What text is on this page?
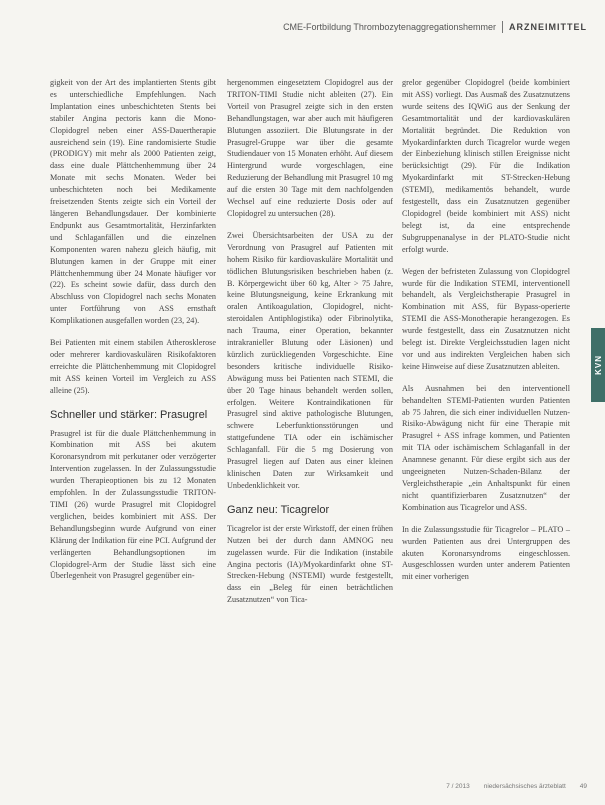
CME-Fortbildung Thrombozytenaggregationshemmer ARZNEIMITTEL
KVN

gigkeit von der Art des implantierten Stents gibt es unterschiedliche Empfehlungen. Nach Implantation eines unbeschichteten Stents bei stabiler Angina pectoris kann die Mono-Clopidogrel neben einer ASS-Dauertherapie ausreichend sein (19). Eine randomisierte Studie (PRODIGY) mit mehr als 2000 Patienten zeigt, dass eine duale Plättchenhemmung über 24 Monate mit sechs Monaten. Weder bei unbeschichteten noch bei Medikamente freisetzenden Stents zeigte sich ein Vorteil der längeren Behandlungsdauer. Der kombinierte Endpunkt aus Gesamtmortalität, Herzinfarkten und Schlaganfällen und die einzelnen Komponenten waren nahezu gleich häufig, mit Blutungen kamen in der Gruppe mit einer Plättchenhemmung über 24 Monate häufiger vor (22). Es scheint sowie dafür, dass durch den Abschluss von Clopidogrel nach sechs Monaten unter Fortführung von ASS ernsthaft Komplikationen ausgefallen worden (23, 24).

Bei Patienten mit einem stabilen Atherosklerose oder mehrerer kardiovaskulären Risikofaktoren erreichte die Plättchenhemmung mit Clopidogrel mit ASS keinen Vorteil im Vergleich zu ASS alleine (25).

Schneller und stärker: Prasugrel

Prasugrel ist für die duale Plättchenhemmung in Kombination mit ASS bei akutem Koronarsyndrom mit perkutaner oder verzögerter Intervention zugelassen. In der Zulassungsstudie wurden Therapieoptionen bis zu 12 Monaten empfohlen. In der Zulassungsstudie TRITON-TIMI (26) wurde Prasugrel mit Clopidogrel verglichen, beides kombiniert mit ASS. Der Behandlungsbeginn wurde Aufgrund von einer Klärung der Indikation für eine PCI. Aufgrund der verlängerten Behandlungsoptionen im Clopidogrel-Arm der Studie lässt sich eine Überlegenheit von Prasugrel gegenüber ein-

hergenommen eingesetztem Clopidogrel aus der TRITON-TIMI Studie nicht ableiten (27). Ein Vorteil von Prasugrel zeigte sich in den ersten Behandlungstagen, war aber auch mit häufigeren Blutungen assoziiert. Die Blutungsrate in der Prasugrel-Gruppe war über die gesamte Studiendauer von 15 Monaten erhöht. Auf diesem Hintergrund wurde vorgeschlagen, eine Reduzierung der Behandlung mit Prasugrel 10 mg auf die ersten 30 Tage mit dem nachfolgenden Wechsel auf eine reduzierte Dosis oder auf Clopidogrel zu untersuchen (28).

Zwei Übersichtsarbeiten der USA zu der Verordnung von Prasugrel auf Patienten mit hohem Risiko für kardiovaskuläre Mortalität und tödlichen Blutungsrisiken beschrieben haben (z. B. Körpergewicht über 60 kg, Alter > 75 Jahre, keine Blutungsneigung, keine Erkrankung mit oralen Antikoagulation, Clopidogrel, nicht-steroidalen Antiphlogistika) oder Fibrinolytika, nach Trauma, einer Operation, bekannter intrakranieller Blutung oder Läsionen) und kürzlich zurückliegenden Vorgeschichte. Eine besonders kritische individuelle Risiko-Abwägung muss bei Patienten nach STEMI, die über 20 Tage hinaus behandelt werden sollen, erfolgen. Weitere Kontraindikationen für Prasugrel sind aktive pathologische Blutungen, schwere Leberfunktionsstörungen und stattgefundene TIA oder ein ischämischer Schlaganfall. Für die 5 mg Dosierung von Prasugrel liegen auf Daten aus einer kleinen klinischen Daten zur Wirksamkeit und Unbedenklichkeit vor.

Ganz neu: Ticagrelor

Ticagrelor ist der erste Wirkstoff, der einen frühen Nutzen bei der durch dann AMNOG neu zugelassen wurde. Für die Indikation (instabile Angina pectoris (IA)/Myokardinfarkt ohne ST-Strecken-Hebung (NSTEMI) wurde festgestellt, dass ein „Beleg für einen beträchtlichen Zusatznutzen“ von Tica-

grelor gegenüber Clopidogrel (beide kombiniert mit ASS) vorliegt. Das Ausmaß des Zusatznutzens wurde seitens des IQWiG aus der Senkung der Gesamtmortalität und der kardiovaskulären Mortalität begründet. Die Reduktion von Myokardinfarkten durch Ticagrelor wurde wegen der Einbeziehung klinisch stillen Ereignisse nicht berücksichtigt (29). Für die Indikation Myokardinfarkt mit ST-Strecken-Hebung (STEMI), medikamentös behandelt, wurde festgestellt, dass ein Zusatznutzen gegenüber Clopidogrel (beide kombiniert mit ASS) nicht belegt ist, da eine entsprechende Subgruppenanalyse in der PLATO-Studie nicht erfolgt wurde.

Wegen der befristeten Zulassung von Clopidogrel wurde für die Indikation STEMI, interventionell behandelt, als Vergleichstherapie Prasugrel in Kombination mit ASS, für Bypass-operierte STEMI die ASS-Monotherapie herangezogen. Es wurde festgestellt, dass ein Zusatznutzen nicht belegt ist. Direkte Vergleichsstudien lagen nicht vor und aus indirekten Vergleichen haben sich keine Hinweise auf diese Zusatznutzen ableiten.

Als Ausnahmen bei den interventionell behandelten STEMI-Patienten wurden Patienten ab 75 Jahren, die sich einer individuellen Nutzen-Risiko-Abwägung nicht für eine Therapie mit Prasugrel + ASS infrage kommen, und Patienten mit TIA oder ischämischem Schlaganfall in der Anamnese genannt. Für diese ergibt sich aus der ungeeigneten Nutzen-Schaden-Bilanz der Vergleichstherapie „ein Anhaltspunkt für einen nicht quantifizierbaren Zusatznutzen“ der Kombination aus Ticagrelor und ASS.

In die Zulassungsstudie für Ticagrelor – PLATO – wurden Patienten aus drei Untergruppen des akuten Koronarsyndroms eingeschlossen. Ausgeschlossen wurden unter anderem Patienten mit einer vorherigen

7 / 2013 niedersächsisches ärzteblatt 49
